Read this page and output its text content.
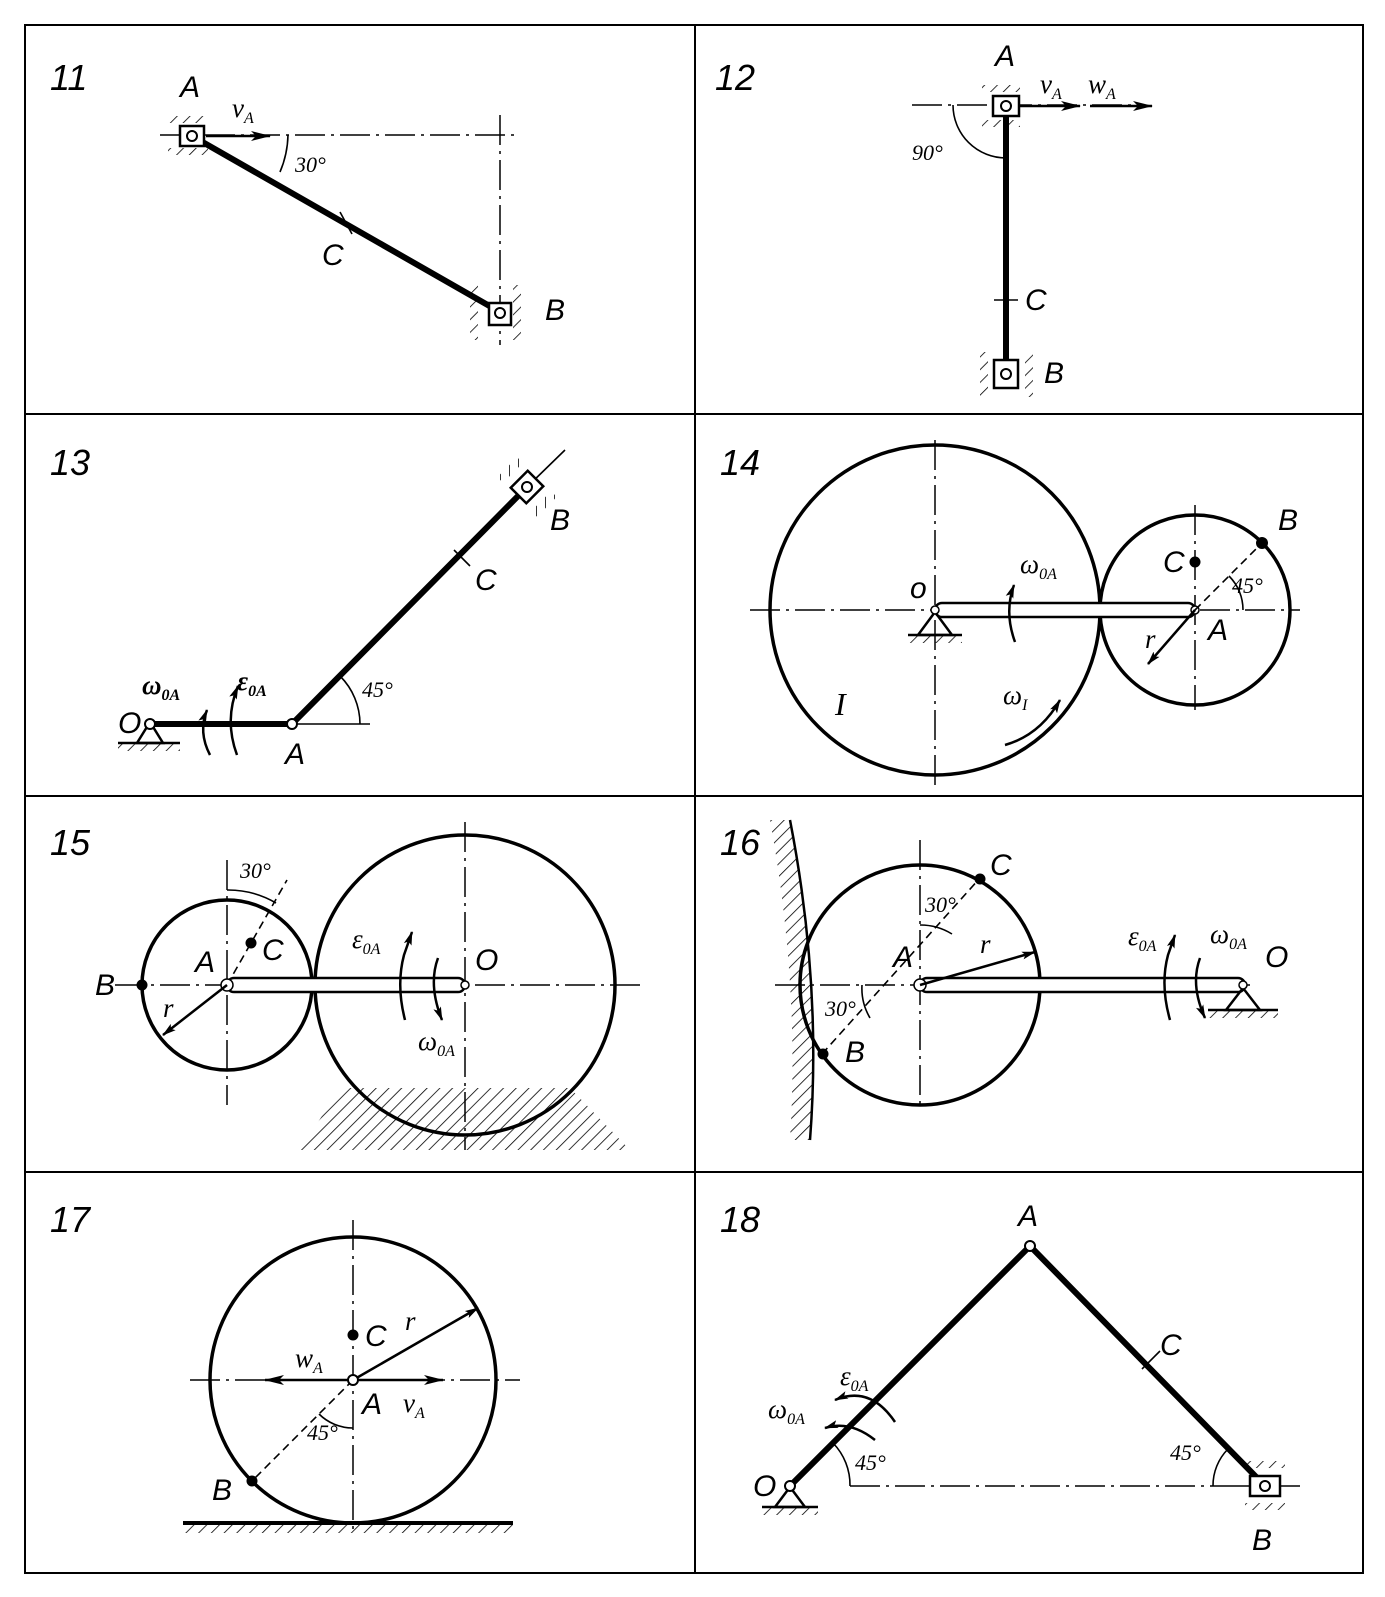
11	A
C
B
$v_A$
30°
12
A
C
B
$v_A$ $w_A$
90°
13
O
A
B
C
$\omega_{0A}$ $\varepsilon_{0A}$	45°
14
o
A
B
C
r
I
$\omega_{0A}$
$\omega_I$
45°
15
B
A C	O
r
30°
$\varepsilon_{0A}$
$\omega_{0A}$
16
C
A
B
O
r
30°
30°
$\varepsilon_{0A}$ $\omega_{0A}$
17
C
A
B
r
$w_A$
$v_A$
45°
18	A
C
O
B
$\omega_{0A}$
$\varepsilon_{0A}$
45°	45°
